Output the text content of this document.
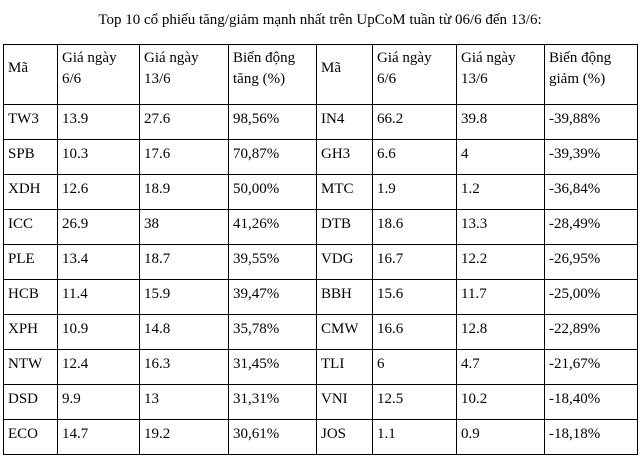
Top 10 cổ phiếu tăng/giảm mạnh nhất trên UpCoM tuần từ 06/6 đến 13/6:
Mã	Giá ngày 6/6	Giá ngày 13/6	Biến động tăng (%)	Mã	Giá ngày 6/6	Giá ngày 13/6	Biến động giảm (%)
TW3	13.9	27.6	98,56%	IN4	66.2	39.8	-39,88%
SPB	10.3	17.6	70,87%	GH3	6.6	4	-39,39%
XDH	12.6	18.9	50,00%	MTC	1.9	1.2	-36,84%
ICC	26.9	38	41,26%	DTB	18.6	13.3	-28,49%
PLE	13.4	18.7	39,55%	VDG	16.7	12.2	-26,95%
HCB	11.4	15.9	39,47%	BBH	15.6	11.7	-25,00%
XPH	10.9	14.8	35,78%	CMW	16.6	12.8	-22,89%
NTW	12.4	16.3	31,45%	TLI	6	4.7	-21,67%
DSD	9.9	13	31,31%	VNI	12.5	10.2	-18,40%
ECO	14.7	19.2	30,61%	JOS	1.1	0.9	-18,18%
